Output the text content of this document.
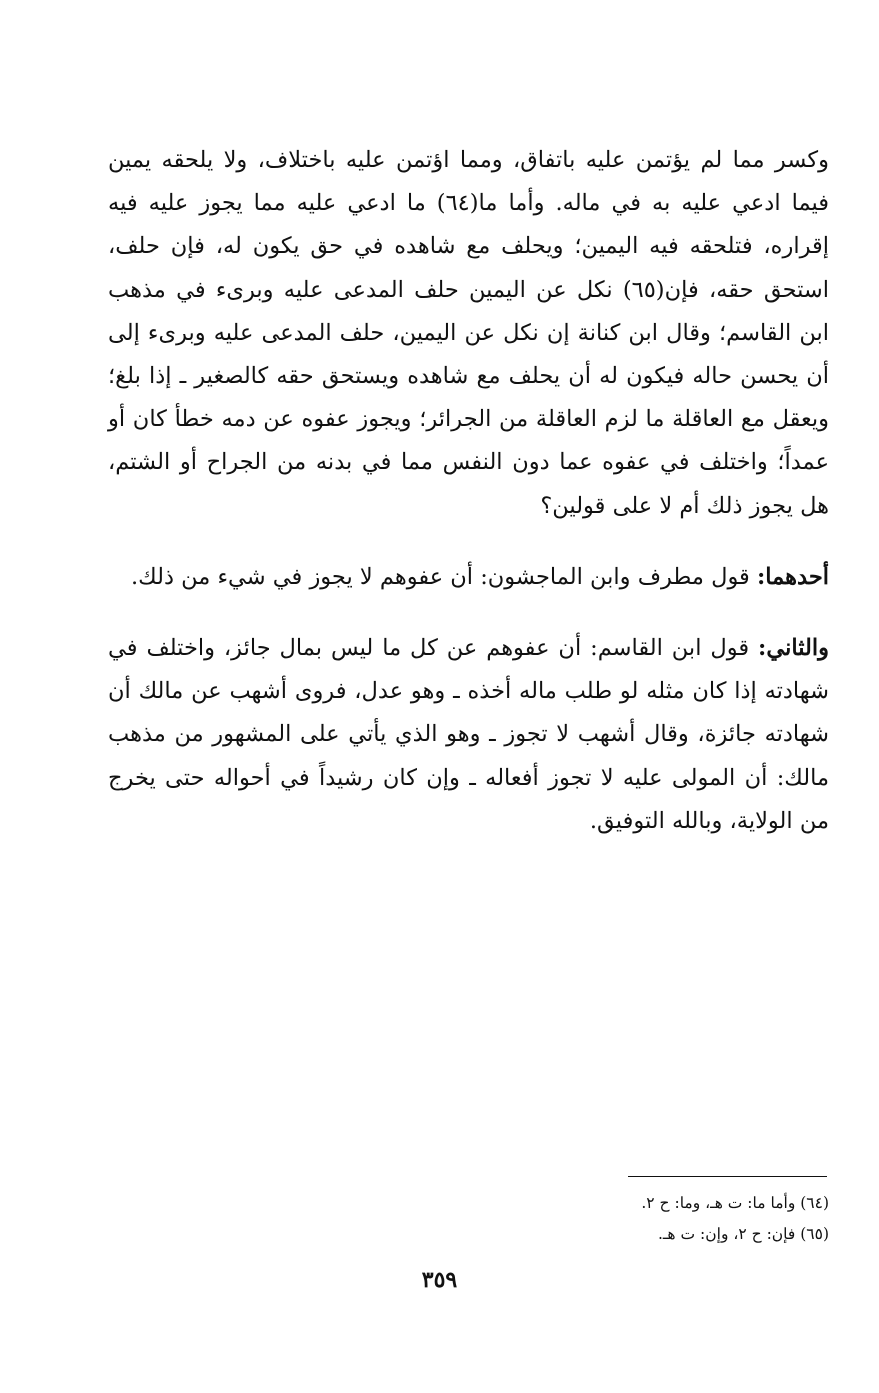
وكسر مما لم يؤتمن عليه باتفاق، ومما اؤتمن عليه باختلاف، ولا يلحقه يمين فيما ادعي عليه به في ماله. وأما ما(٦٤) ما ادعي عليه مما يجوز عليه فيه إقراره، فتلحقه فيه اليمين؛ ويحلف مع شاهده في حق يكون له، فإن حلف، استحق حقه، فإن(٦٥) نكل عن اليمين حلف المدعى عليه وبرىء في مذهب ابن القاسم؛ وقال ابن كنانة إن نكل عن اليمين، حلف المدعى عليه وبرىء إلى أن يحسن حاله فيكون له أن يحلف مع شاهده ويستحق حقه كالصغير ـ إذا بلغ؛ ويعقل مع العاقلة ما لزم العاقلة من الجرائر؛ ويجوز عفوه عن دمه خطأ كان أو عمداً؛ واختلف في عفوه عما دون النفس مما في بدنه من الجراح أو الشتم، هل يجوز ذلك أم لا على قولين؟

أحدهما: قول مطرف وابن الماجشون: أن عفوهم لا يجوز في شيء من ذلك.

والثاني: قول ابن القاسم: أن عفوهم عن كل ما ليس بمال جائز، واختلف في شهادته إذا كان مثله لو طلب ماله أخذه ـ وهو عدل، فروى أشهب عن مالك أن شهادته جائزة، وقال أشهب لا تجوز ـ وهو الذي يأتي على المشهور من مذهب مالك: أن المولى عليه لا تجوز أفعاله ـ وإن كان رشيداً في أحواله حتى يخرج من الولاية، وبالله التوفيق.

(٦٤) وأما ما: ت هـ، وما: ح ٢.

(٦٥) فإن: ح ٢، وإن: ت هـ.

٣٥٩
